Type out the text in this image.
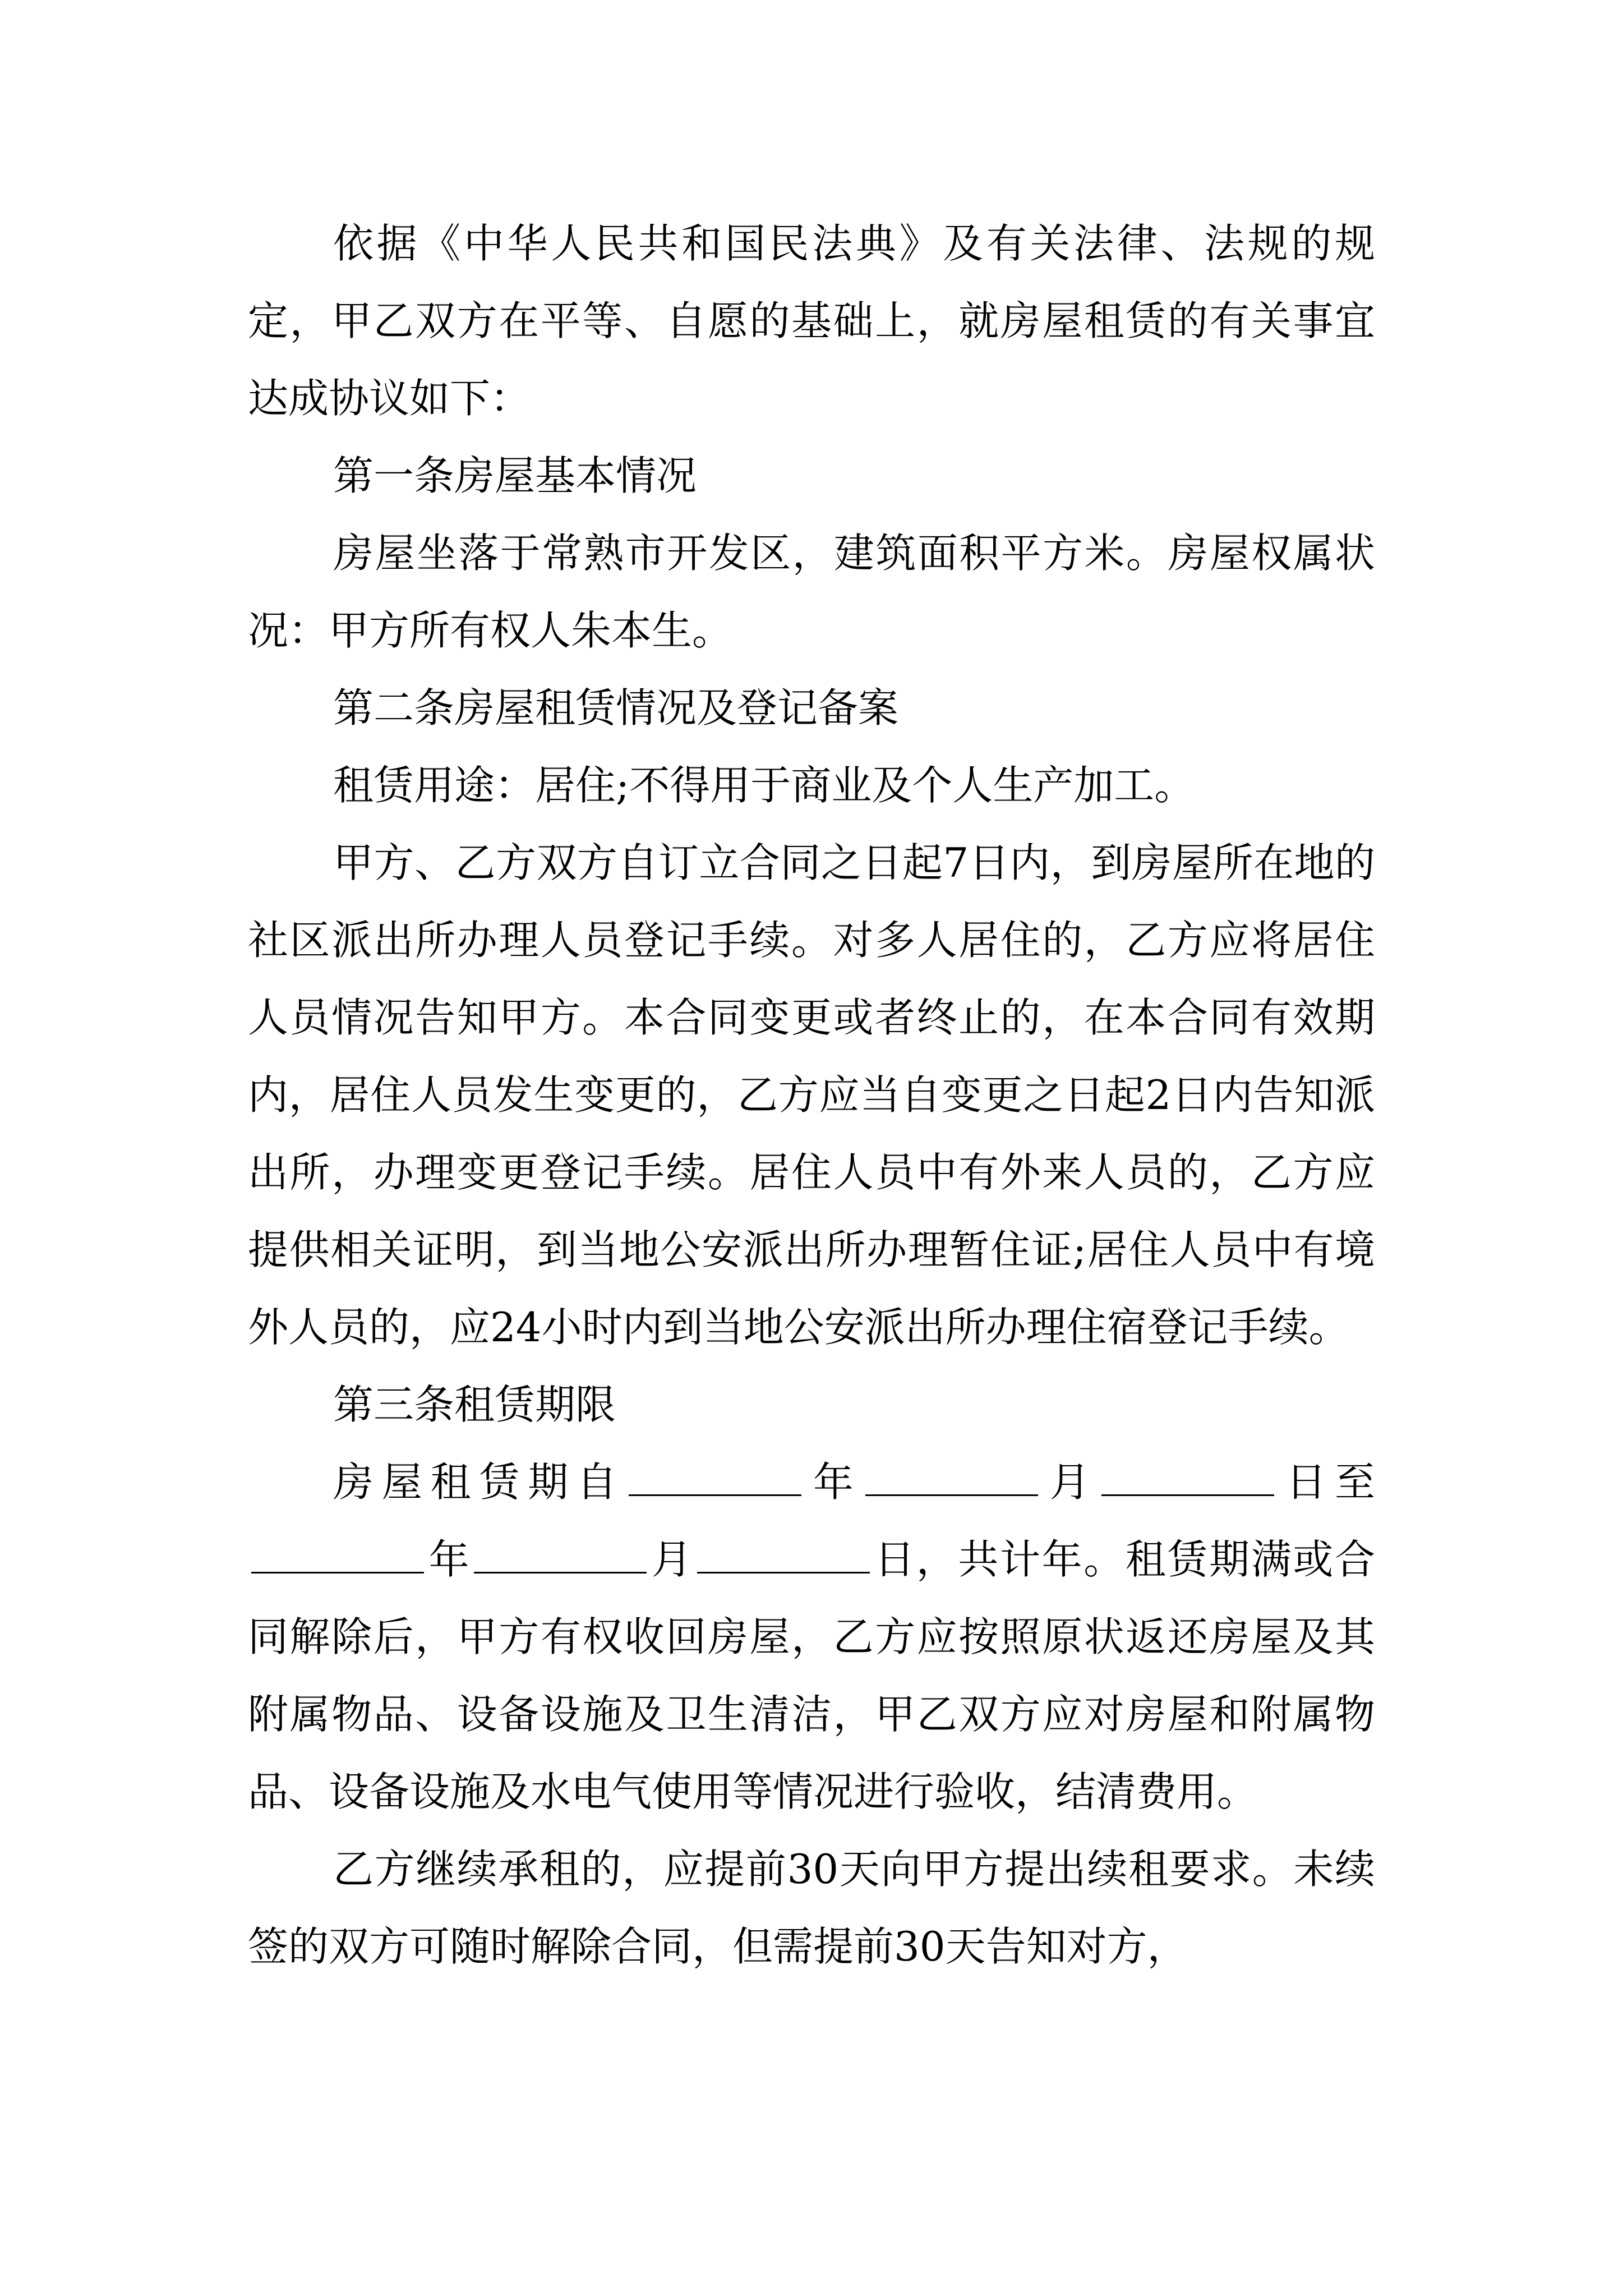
依据《中华人民共和国民法典》及有关法律、法规的规定，甲乙双方在平等、自愿的基础上，就房屋租赁的有关事宜达成协议如下：

第一条房屋基本情况

房屋坐落于常熟市开发区，建筑面积平方米。房屋权属状况：甲方所有权人朱本生。

第二条房屋租赁情况及登记备案

租赁用途：居住;不得用于商业及个人生产加工。

甲方、乙方双方自订立合同之日起7日内，到房屋所在地的社区派出所办理人员登记手续。对多人居住的，乙方应将居住人员情况告知甲方。本合同变更或者终止的，在本合同有效期内，居住人员发生变更的，乙方应当自变更之日起2日内告知派出所，办理变更登记手续。居住人员中有外来人员的，乙方应提供相关证明，到当地公安派出所办理暂住证;居住人员中有境外人员的，应24小时内到当地公安派出所办理住宿登记手续。

第三条租赁期限

房屋租赁期自	年	月	日至年	月	日，共计年。租赁期满或合同解除后，甲方有权收回房屋，乙方应按照原状返还房屋及其附属物品、设备设施及卫生清洁，甲乙双方应对房屋和附属物品、设备设施及水电气使用等情况进行验收，结清费用。

乙方继续承租的，应提前30天向甲方提出续租要求。未续签的双方可随时解除合同，但需提前30天告知对方，
